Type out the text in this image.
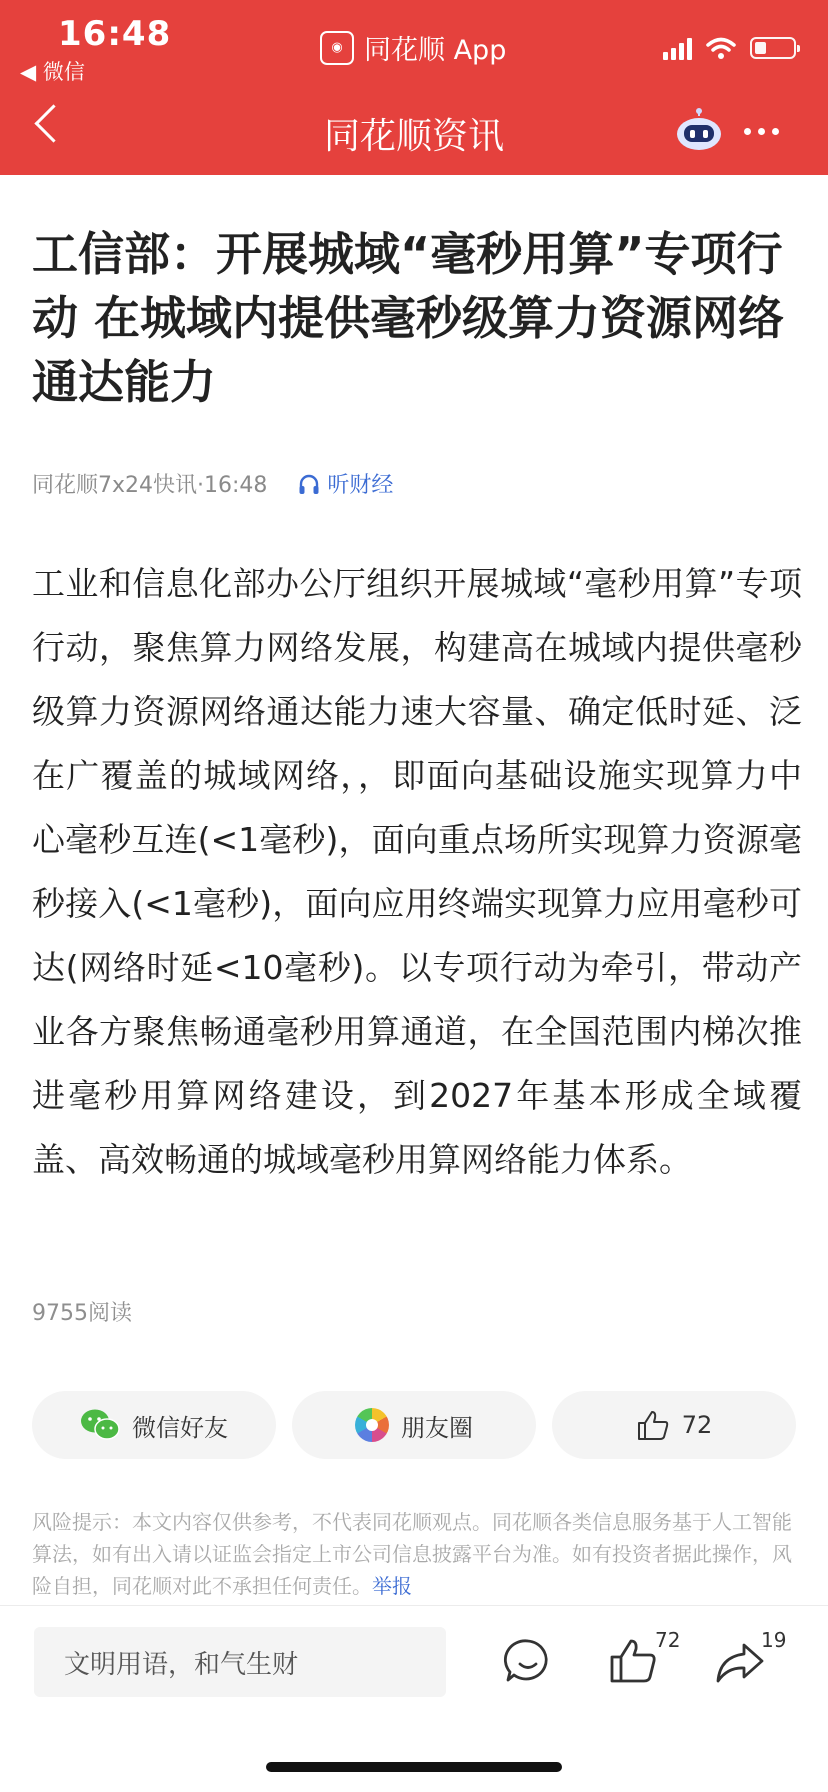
16:48
◀ 微信
◉ 同花顺 App
同花顺资讯
工信部：开展城域“毫秒用算”专项行动 在城域内提供毫秒级算力资源网络通达能力
同花顺7x24快讯·16:48	听财经

工业和信息化部办公厅组织开展城域“毫秒用算”专项行动，聚焦算力网络发展，构建高在城域内提供毫秒级算力资源网络通达能力速大容量、确定低时延、泛在广覆盖的城域网络，，即面向基础设施实现算力中心毫秒互连(<1毫秒)，面向重点场所实现算力资源毫秒接入(<1毫秒)，面向应用终端实现算力应用毫秒可达(网络时延<10毫秒)。以专项行动为牵引，带动产业各方聚焦畅通毫秒用算通道，在全国范围内梯次推进毫秒用算网络建设，到2027年基本形成全域覆盖、高效畅通的城域毫秒用算网络能力体系。

9755阅读
微信好友	朋友圈	72

风险提示：本文内容仅供参考，不代表同花顺观点。同花顺各类信息服务基于人工智能算法，如有出入请以证监会指定上市公司信息披露平台为准。如有投资者据此操作，风险自担，同花顺对此不承担任何责任。举报

文明用语，和气生财
72	19
